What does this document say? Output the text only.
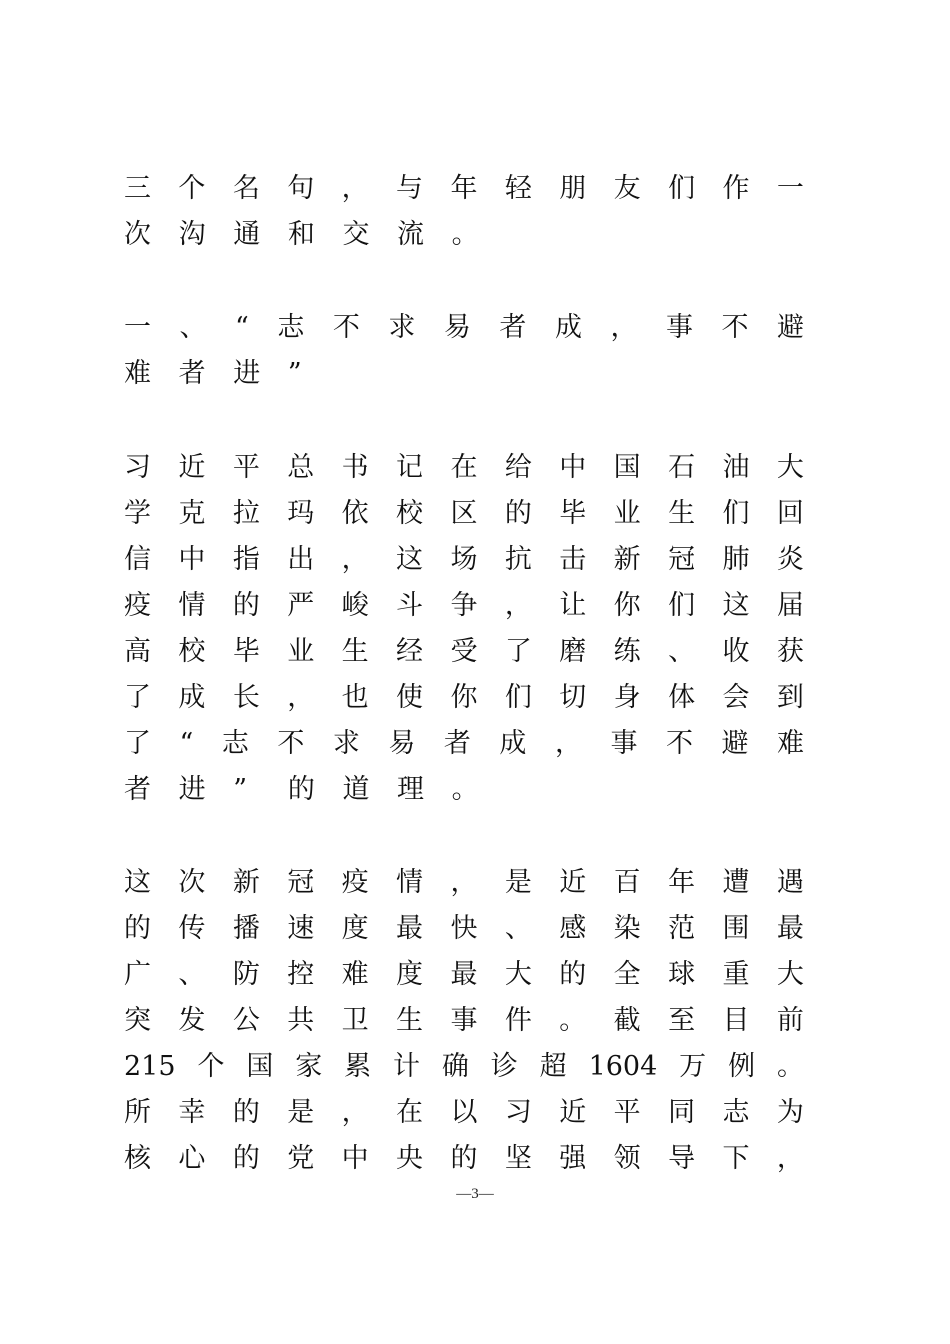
三 个 名 句 ， 与 年 轻 朋 友 们 作 一
次	沟	通	和	交	流	。
一 、 “ 志 不 求 易 者 成 ， 事 不 避
难	者	进	”
习 近 平 总 书 记 在 给 中 国 石 油 大
学 克 拉 玛 依 校 区 的 毕 业 生 们 回
信 中 指 出 ， 这 场 抗 击 新 冠 肺 炎
疫 情 的 严 峻 斗 争 ， 让 你 们 这 届
高 校 毕 业 生 经 受 了 磨 练 、 收 获
了 成 长 ， 也 使 你 们 切 身 体 会 到
了 “ 志 不 求 易 者 成 ， 事 不 避 难
者	进	”	的	道	理	。
这 次 新 冠 疫 情 ， 是 近 百 年 遭 遇
的 传 播 速 度 最 快 、 感 染 范 围 最
广 、 防 控 难 度 最 大 的 全 球 重 大
突 发 公 共 卫 生 事 件 。 截 至 目 前
215 个 国 家 累 计 确 诊 超 1604 万 例 。
所 幸 的 是 ， 在 以 习 近 平 同 志 为
核 心 的 党 中 央 的 坚 强 领 导 下 ，
—3—
